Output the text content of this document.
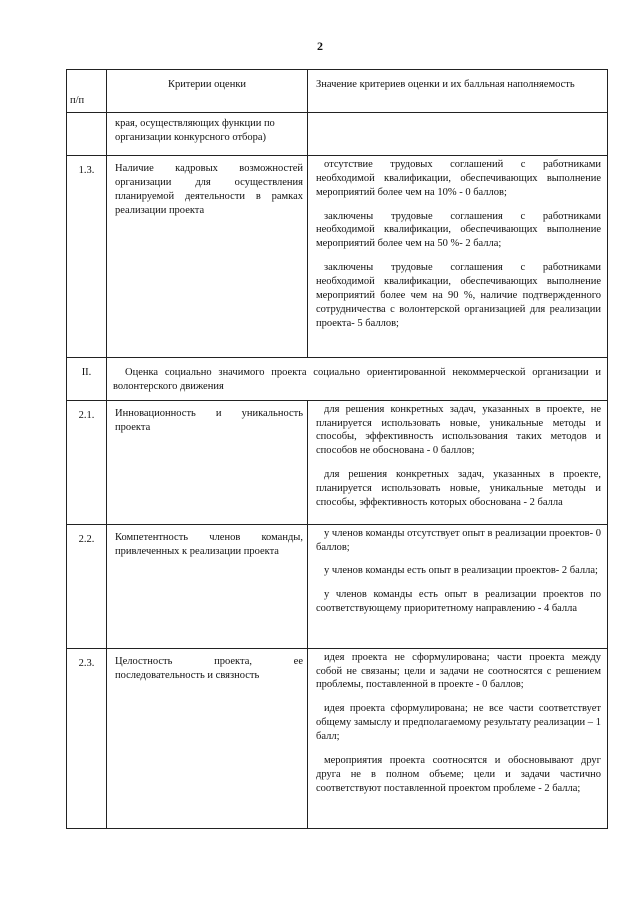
2
п/п	Критерии оценки	Значение критериев оценки и их балльная наполняемость
	края, осуществляющих функции по организации конкурсного отбора)	
1.3.	Наличие кадровых возможностей организации для осуществления планируемой деятельности в рамках реализации проекта	отсутствие трудовых соглашений с работниками необходимой квалификации, обеспечивающих выполнение мероприятий более чем на 10% - 0 баллов;

заключены трудовые соглашения с работниками необходимой квалификации, обеспечивающих выполнение мероприятий более чем на 50 %- 2 балла;

заключены трудовые соглашения с работниками необходимой квалификации, обеспечивающих выполнение мероприятий более чем на 90 %, наличие подтвержденного сотрудничества с волонтерской организацией для реализации проекта- 5 баллов;

II.	Оценка социально значимого проекта социально ориентированной некоммерческой организации и волонтерского движения	
2.1.	Инновационность и уникальность проекта	для решения конкретных задач, указанных в проекте, не планируется использовать новые, уникальные методы и способы, эффективность использования таких методов и способов не обоснована - 0 баллов;

для решения конкретных задач, указанных в проекте, планируется использовать новые, уникальные методы и способы, эффективность которых обоснована - 2 балла

2.2.	Компетентность членов команды, привлеченных к реализации проекта	у членов команды отсутствует опыт в реализации проектов- 0 баллов;

у членов команды есть опыт в реализации проектов- 2 балла;

у членов команды есть опыт в реализации проектов по соответствующему приоритетному направлению - 4 балла

2.3.	Целостность проекта, ее последовательность и связность	идея проекта не сформулирована; части проекта между собой не связаны; цели и задачи не соотносятся с решением проблемы, поставленной в проекте - 0 баллов;

идея проекта сформулирована; не все части соответствует общему замыслу и предполагаемому результату реализации – 1 балл;

мероприятия проекта соотносятся и обосновывают друг друга не в полном объеме; цели и задачи частично соответствуют поставленной проектом проблеме - 2 балла;
